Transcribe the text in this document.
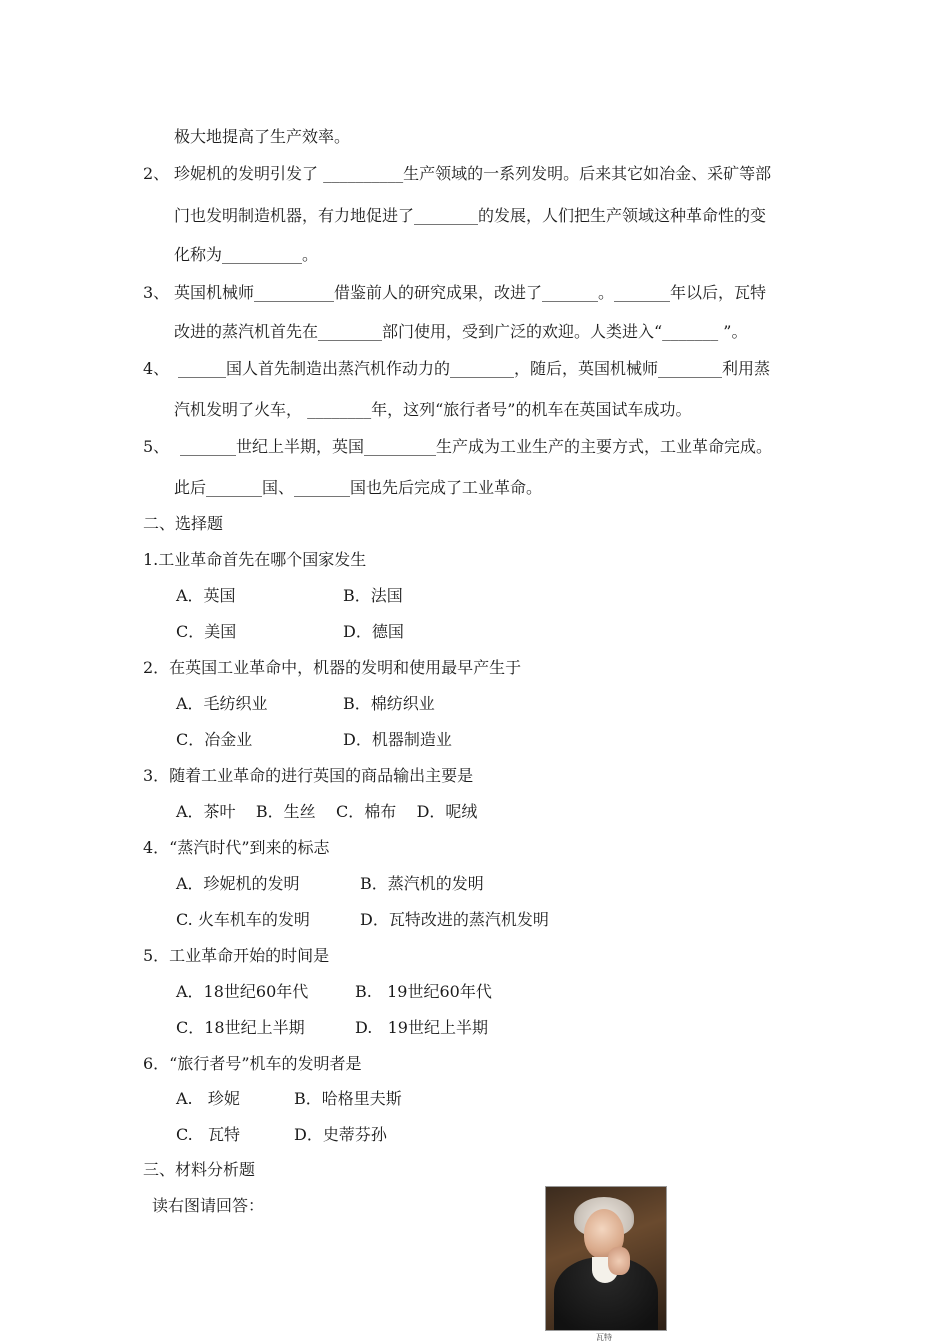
极大地提高了生产效率。
2、 珍妮机的发明引发了 __________生产领域的一系列发明。后来其它如冶金、采矿等部
门也发明制造机器，有力地促进了________的发展，人们把生产领域这种革命性的变
化称为__________。
3、 英国机械师__________借鉴前人的研究成果，改进了_______。_______年以后，瓦特
改进的蒸汽机首先在________部门使用，受到广泛的欢迎。人类进入“_______ ”。
4、 ______国人首先制造出蒸汽机作动力的________，随后，英国机械师________利用蒸
汽机发明了火车， ________年，这列“旅行者号”的机车在英国试车成功。
5、 _______世纪上半期，英国_________生产成为工业生产的主要方式，工业革命完成。
此后_______国、_______国也先后完成了工业革命。
二、选择题
1.工业革命首先在哪个国家发生
A．英国	B．法国
C．美国	D．德国
2．在英国工业革命中，机器的发明和使用最早产生于
A．毛纺织业	B．棉纺织业
C．冶金业	D．机器制造业
3．随着工业革命的进行英国的商品输出主要是
A．茶叶    B．生丝    C．棉布    D．呢绒
4．“蒸汽时代”到来的标志
A．珍妮机的发明	B．蒸汽机的发明
C. 火车机车的发明	D．瓦特改进的蒸汽机发明
5．工业革命开始的时间是
A．18世纪60年代	B.   19世纪60年代
C．18世纪上半期	D.   19世纪上半期
6．“旅行者号”机车的发明者是
A.   珍妮	B．哈格里夫斯
C.   瓦特	D．史蒂芬孙
三、材料分析题
读右图请回答：
瓦特
